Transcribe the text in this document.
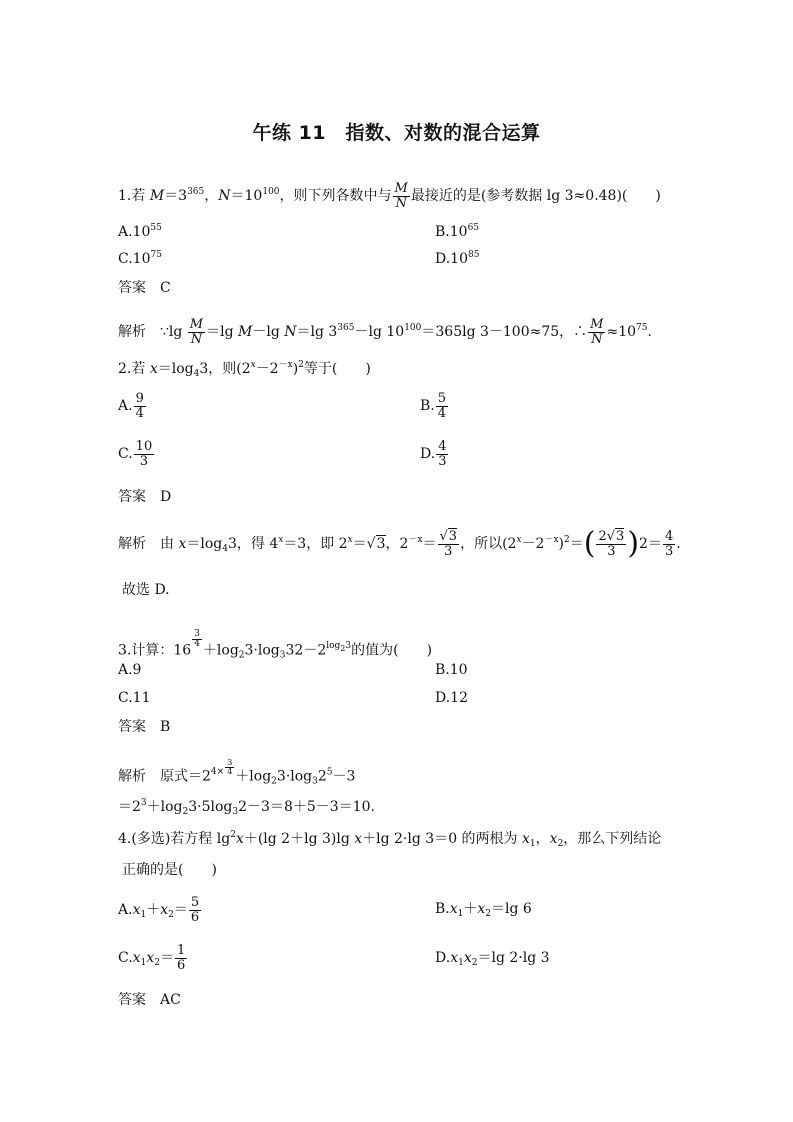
午练 11　指数、对数的混合运算
1.若 $M=3^{365}$，$N=10^{100}$，则下列各数中与 $\frac{M}{N}$ 最接近的是(参考数据 lg 3≈0.48)(　　)
$A.10^{55}$	$B.10^{65}$
$C.10^{75}$	$D.10^{85}$
答案 C
解析 ∵lg $\frac{M}{N} =\lg$ M－lg N＝lg $3^{365}-\lg$ $10^{100}=365\lg$ 3－100≈75，∴ $\frac{M}{N} \approx 10^{75}$.
2.若 $x=\log_43$，则$(2^x-2^{-x})^2$等于(　　)
A. $\frac{9}{4}$	B. $\frac{5}{4}$
C. $\frac{10}{3}$	D. $\frac{4}{3}$
答案 D
解析 由 $x=\log_43$，得 $4^x=3$，即 $2^x=√3$，$2^{-x}= \frac{√3}{3}$ ，所以$(2^x-2^{-x})^2=( \frac{2√3}{3} )2= \frac{4}{3}$ .
故选 D.
3.计算：16
$\frac{3}{4}$
$+\log_23\cdot\log_332-2^{log_23}$的值为(　　)
A.9	B.10
C.11	D.12
答案 B
解析 原式$=2^{4\times \frac{3}{4}} +\log_23\cdot\log_32^5-3$
$=2^3+\log_23\cdot 5\log_32-3=8+5-3=10$.
4.(多选)若方程 $\lg^2x+(\lg$ 2＋lg 3)lg x＋lg 2·lg 3＝0 的两根为 $x_1$，$x_2$，那么下列结论
正确的是(　　)
$A.x_1+x_2= \frac{5}{6}$	$B.x_1+x_2=\lg$ 6
$C.x_1x_2= \frac{1}{6}$	$D.x_1x_2=\lg$ 2·lg 3
答案 AC
